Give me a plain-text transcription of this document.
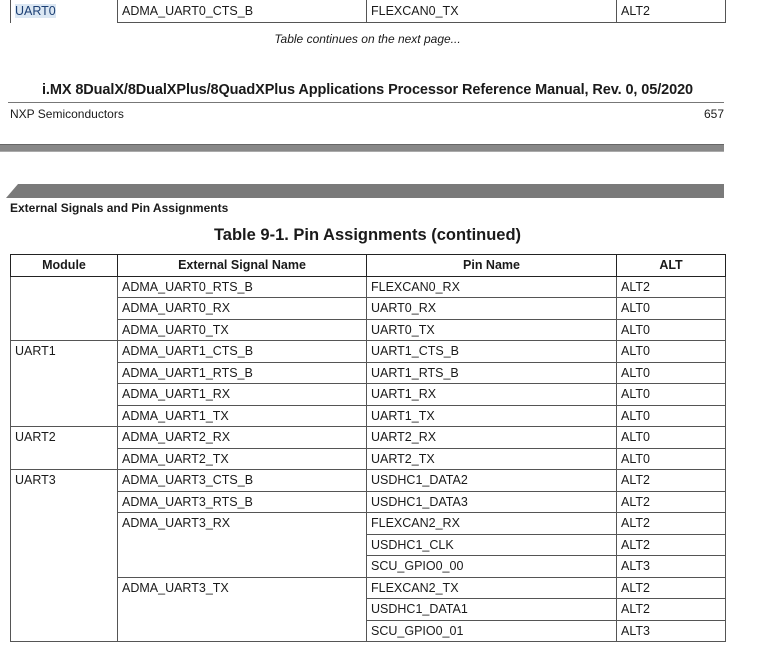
UART0	ADMA_UART0_CTS_B	FLEXCAN0_TX	ALT2
Table continues on the next page...
i.MX 8DualX/8DualXPlus/8QuadXPlus Applications Processor Reference Manual, Rev. 0, 05/2020
NXP Semiconductors	657
External Signals and Pin Assignments
Table 9-1. Pin Assignments (continued)
Module	External Signal Name	Pin Name	ALT
	ADMA_UART0_RTS_B	FLEXCAN0_RX	ALT2
	ADMA_UART0_RX	UART0_RX	ALT0
	ADMA_UART0_TX	UART0_TX	ALT0
UART1	ADMA_UART1_CTS_B	UART1_CTS_B	ALT0
	ADMA_UART1_RTS_B	UART1_RTS_B	ALT0
	ADMA_UART1_RX	UART1_RX	ALT0
	ADMA_UART1_TX	UART1_TX	ALT0
UART2	ADMA_UART2_RX	UART2_RX	ALT0
	ADMA_UART2_TX	UART2_TX	ALT0
UART3	ADMA_UART3_CTS_B	USDHC1_DATA2	ALT2
	ADMA_UART3_RTS_B	USDHC1_DATA3	ALT2
	ADMA_UART3_RX	FLEXCAN2_RX	ALT2
		USDHC1_CLK	ALT2
		SCU_GPIO0_00	ALT3
	ADMA_UART3_TX	FLEXCAN2_TX	ALT2
		USDHC1_DATA1	ALT2
		SCU_GPIO0_01	ALT3
